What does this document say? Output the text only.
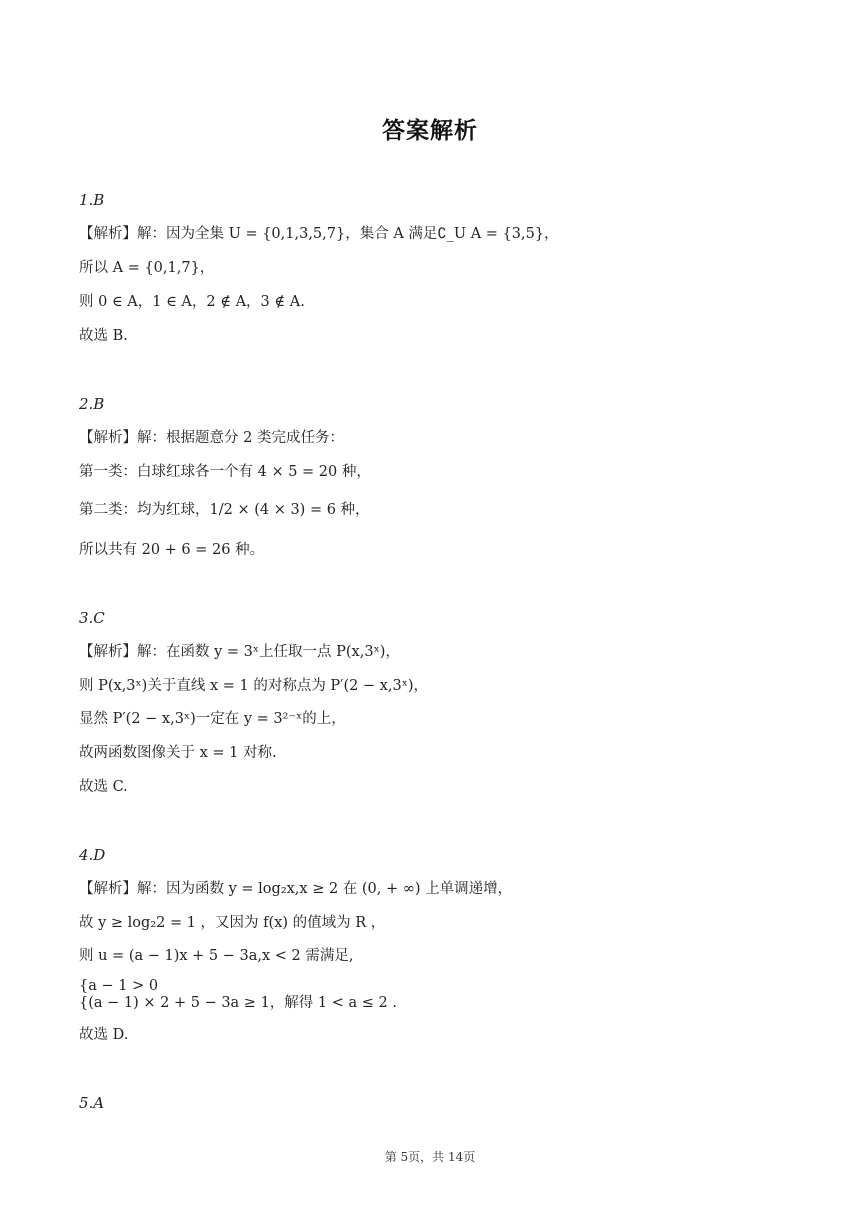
答案解析
1.B
【解析】解：因为全集 U = {0,1,3,5,7}，集合 A 满足∁_U A = {3,5}，
所以 A = {0,1,7}，
则 0 ∈ A，1 ∈ A，2 ∉ A，3 ∉ A.
故选 B.
2.B
【解析】解：根据题意分 2 类完成任务：
第一类：白球红球各一个有 4 × 5 = 20 种，
第二类：均为红球，1/2 × (4 × 3) = 6 种，
所以共有 20 + 6 = 26 种。
3.C
【解析】解：在函数 y = 3ˣ上任取一点 P(x,3ˣ)，
则 P(x,3ˣ)关于直线 x = 1 的对称点为 P′(2 − x,3ˣ)，
显然 P′(2 − x,3ˣ)一定在 y = 3²⁻ˣ的上，
故两函数图像关于 x = 1 对称.
故选 C.
4.D
【解析】解：因为函数 y = log₂x,x ≥ 2 在 (0, + ∞) 上单调递增，
故 y ≥ log₂2 = 1 ，又因为 f(x) 的值域为 R ，
则 u = (a − 1)x + 5 − 3a,x < 2 需满足,
{a − 1 > 0
{(a − 1) × 2 + 5 − 3a ≥ 1，解得 1 < a ≤ 2 .
故选 D.
5.A
第 5页，共 14页
